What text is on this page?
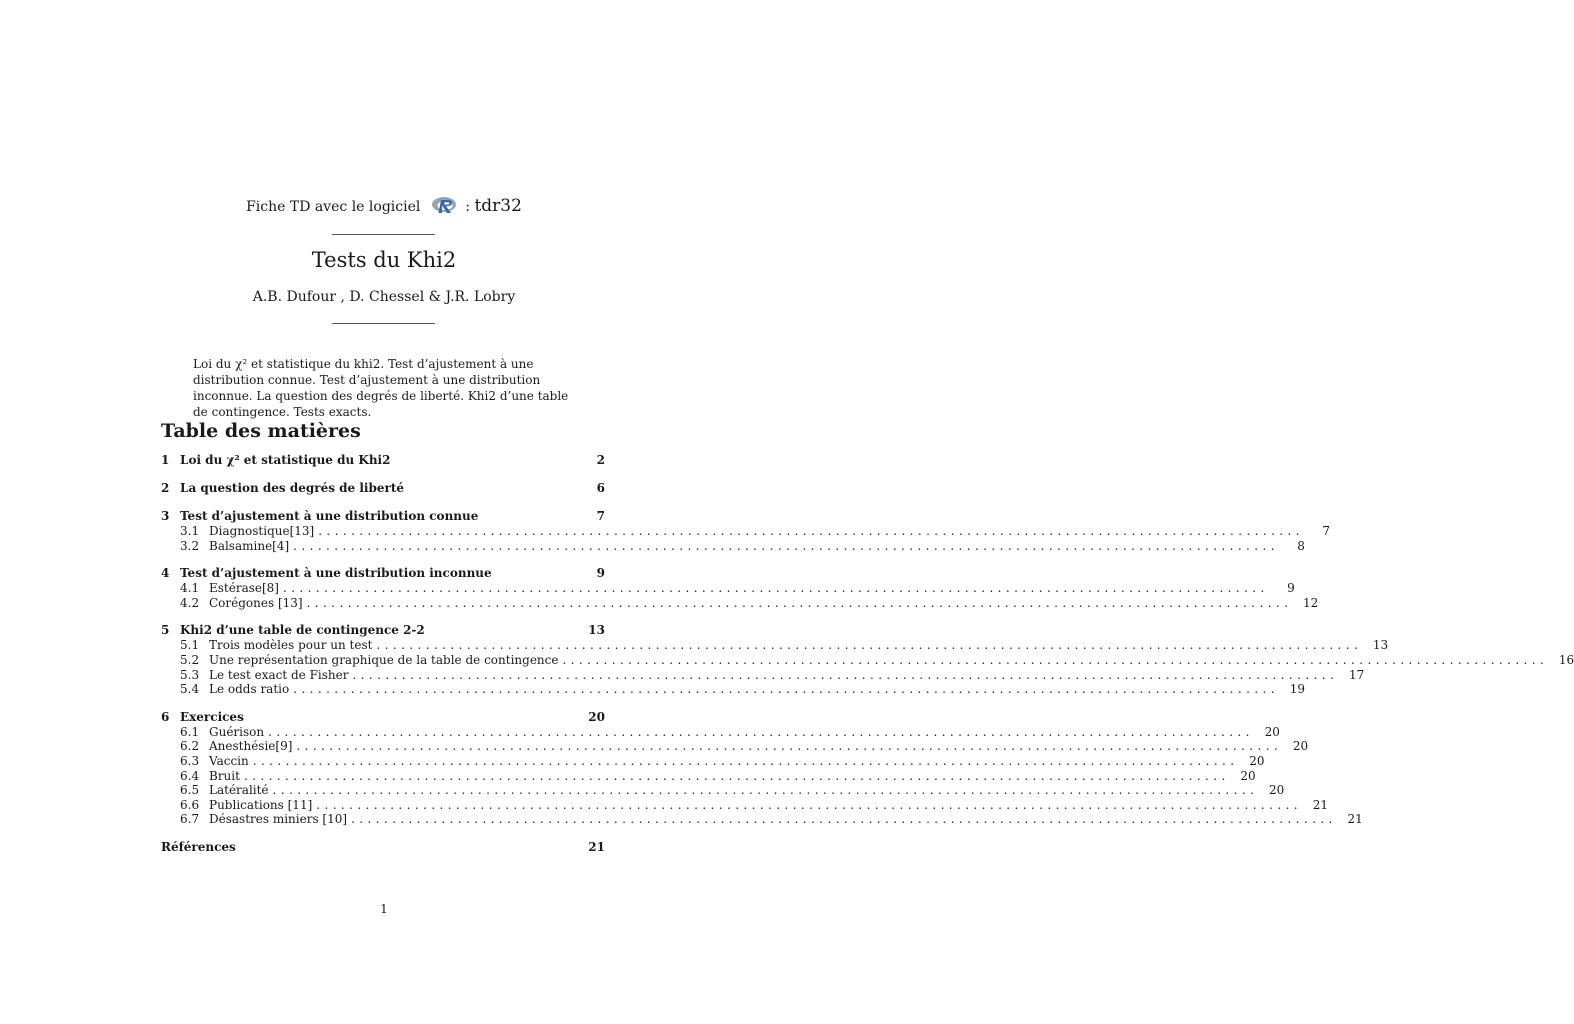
Fiche TD avec le logiciel	: tdr32
Tests du Khi2
A.B. Dufour , D. Chessel & J.R. Lobry
Loi du χ² et statistique du khi2. Test d’ajustement à une distribution connue. Test d’ajustement à une distribution inconnue. La question des degrés de liberté. Khi2 d’une table de contingence. Tests exacts.
Table des matières
1 Loi du χ² et statistique du Khi2	2
2 La question des degrés de liberté	6
3 Test d’ajustement à une distribution connue	7
3.1 Diagnostique[13] ........................................................................................................................	7
3.2 Balsamine[4] ........................................................................................................................	8
4 Test d’ajustement à une distribution inconnue	9
4.1 Estérase[8] ........................................................................................................................	9
4.2 Corégones [13] ........................................................................................................................ 12
5 Khi2 d’une table de contingence 2-2	13
5.1 Trois modèles pour un test ........................................................................................................................ 13
5.2 Une représentation graphique de la table de contingence ........................................................................................................................ 16
5.3 Le test exact de Fisher ........................................................................................................................ 17
5.4 Le odds ratio ........................................................................................................................ 19
6 Exercices	20
6.1 Guérison ........................................................................................................................ 20
6.2 Anesthésie[9] ........................................................................................................................ 20
6.3 Vaccin ........................................................................................................................ 20
6.4 Bruit ........................................................................................................................ 20
6.5 Latéralité ........................................................................................................................ 20
6.6 Publications [11] ........................................................................................................................ 21
6.7 Désastres miniers [10] ........................................................................................................................ 21
Références	21
1
